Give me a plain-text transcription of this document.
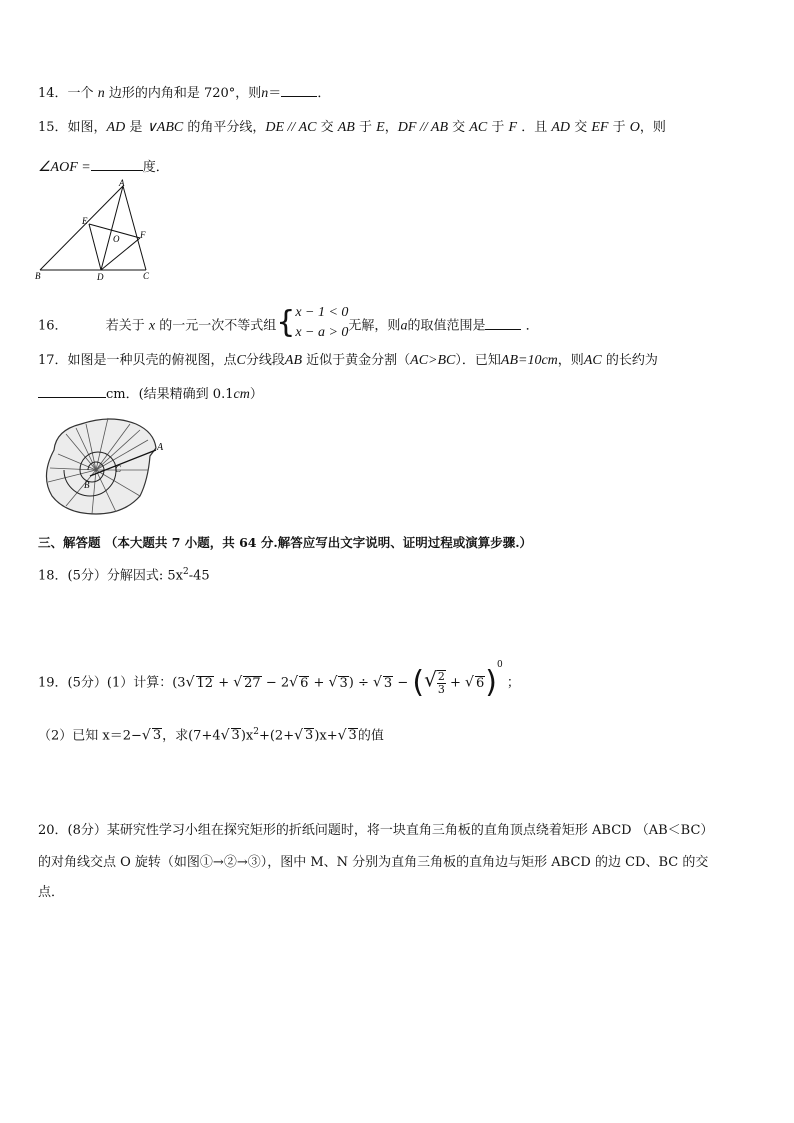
14．一个 n 边形的内角和是 720°，则n＝	．
15．如图，AD 是 ∨ABC 的角平分线，DE // AC 交 AB 于 E，DF // AB 交 AC 于 F ．且 AD 交 EF 于 O，则
∠AOF =	度．
A
E
O F
B	D	C
16．	若关于 x 的一元一次不等式组{ x − 1 < 0
x − a > 0 无解，则a的取值范围是	．
17．如图是一种贝壳的俯视图，点C分线段AB 近似于黄金分割（AC>BC）．已知AB=10cm，则AC 的长约为
cm．(结果精确到 0.1cm）
A
C
B
三、解答题 （本大题共 7 小题，共 64 分.解答应写出文字说明、证明过程或演算步骤.）
18．(5分）分解因式: $5x^2-45$
19．(5分）(1）计算：(3√ 12 + √ 27 − 2√ 6 + √ 3) ÷ √ 3 − (√ $\frac{2}{3}$ + √ 6)$^0$ ；
（2）已知 x＝2−√ 3，求(7+4√ $3)x^2+(2+√$ 3)x+√ 3的值
20．(8分）某研究性学习小组在探究矩形的折纸问题时，将一块直角三角板的直角顶点绕着矩形 ABCD （AB＜BC）
的对角线交点 O 旋转（如图①→②→③），图中 M、N 分别为直角三角板的直角边与矩形 ABCD 的边 CD、BC 的交
点．
